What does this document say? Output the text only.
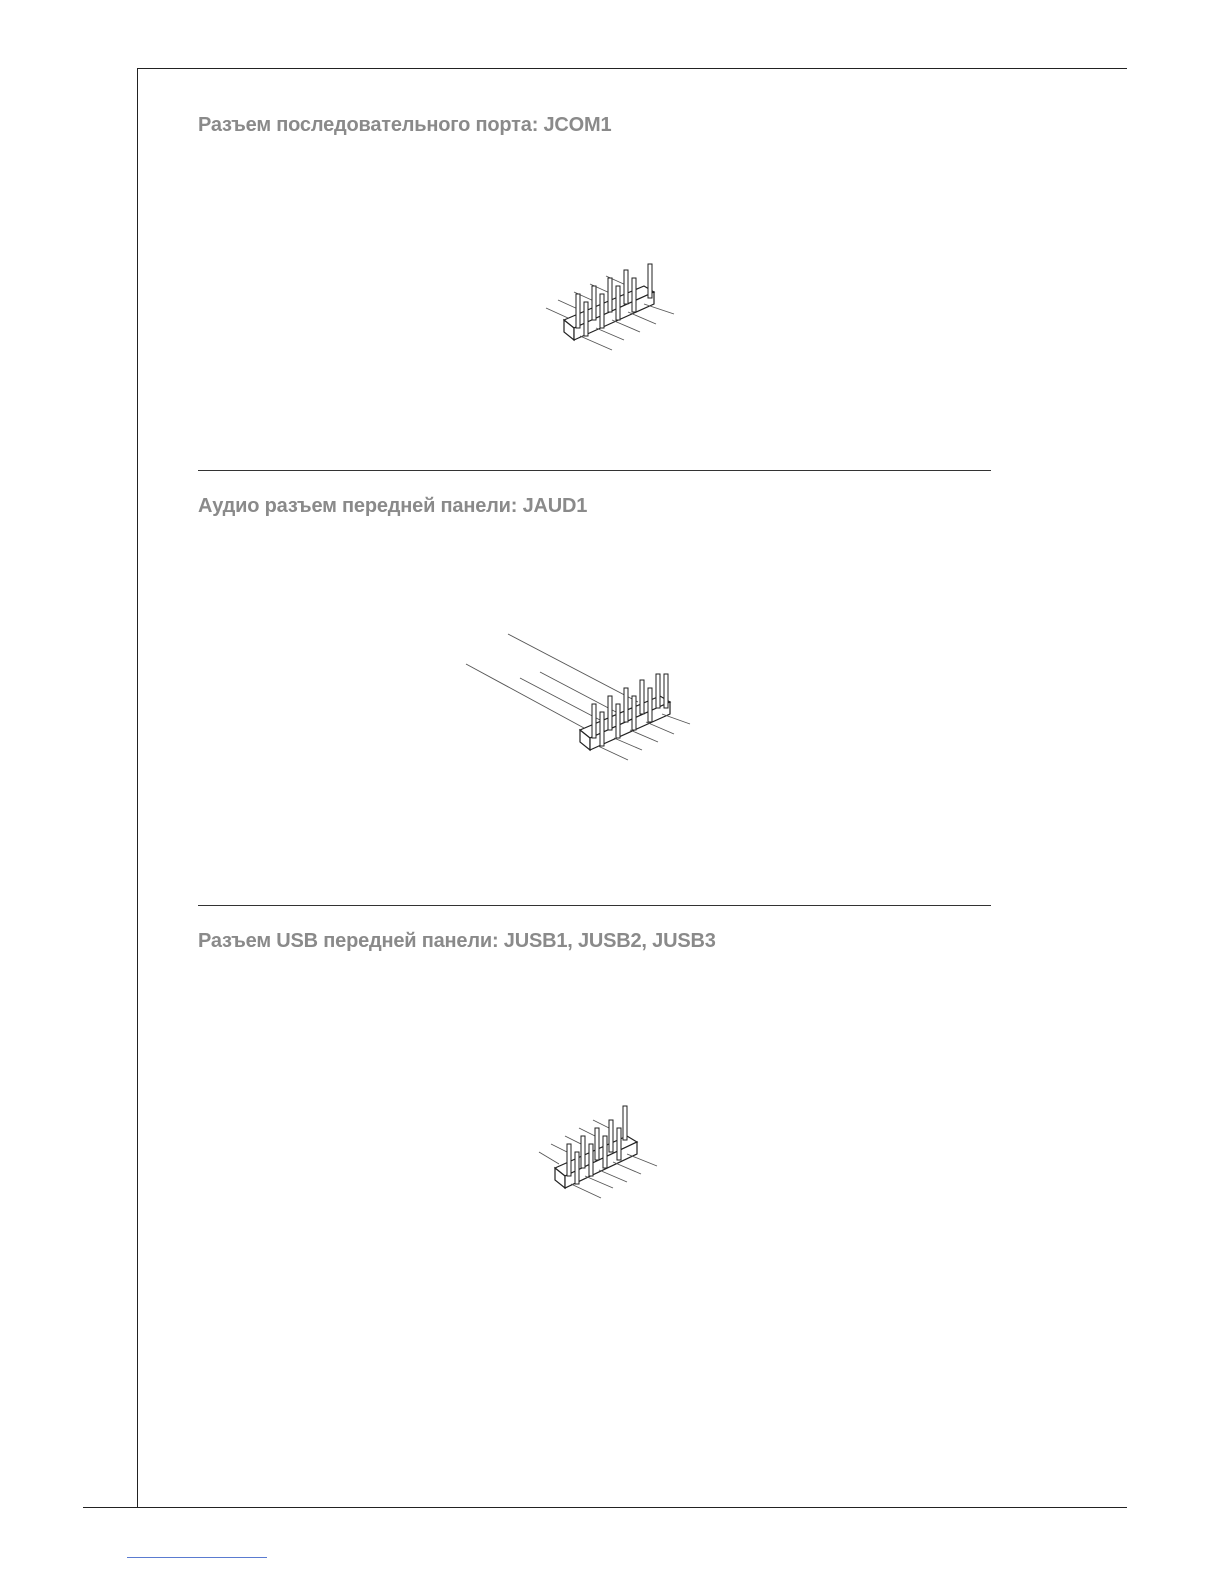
Разъем последовательного порта: JCOM1
Аудио разъем передней панели: JAUD1
Разъем USB передней панели: JUSB1, JUSB2, JUSB3
